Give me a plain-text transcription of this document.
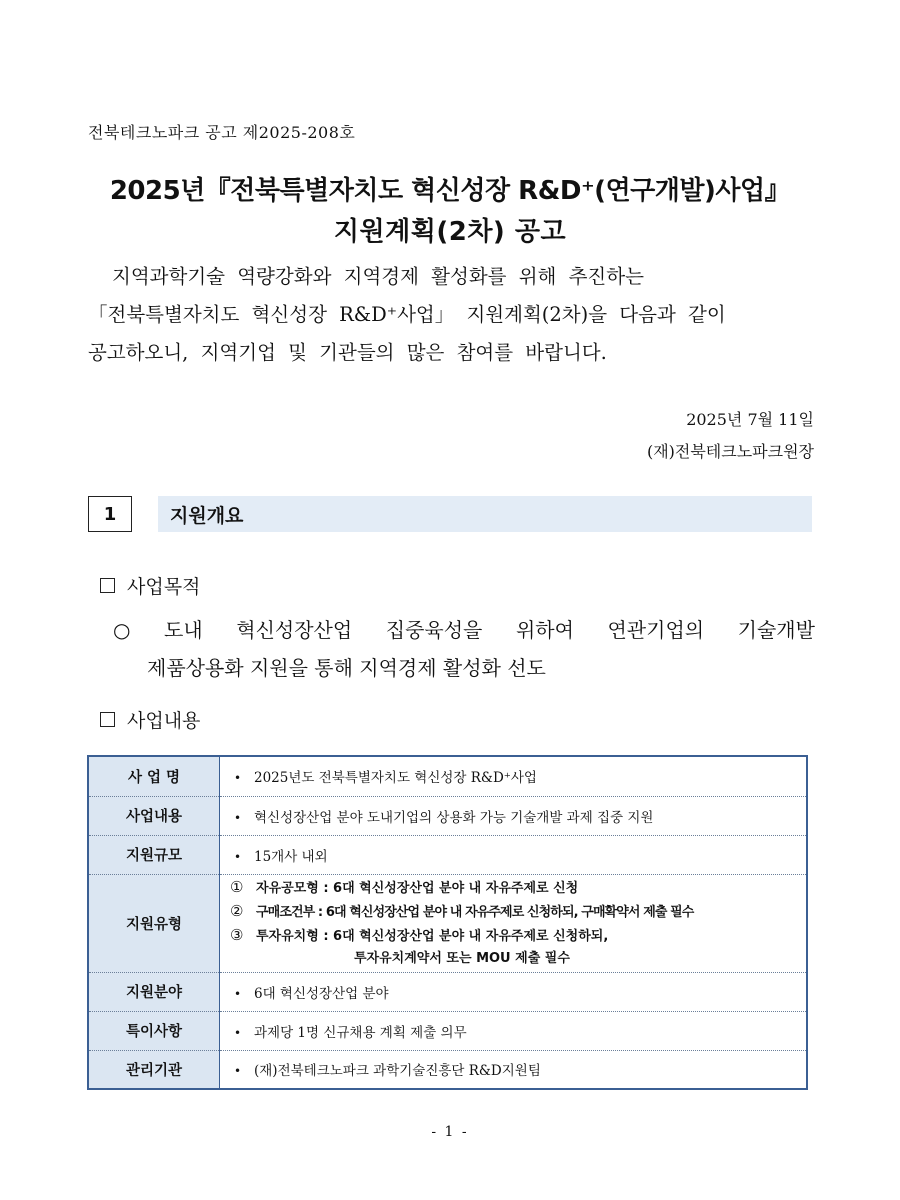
전북테크노파크 공고 제2025-208호
2025년『전북특별자치도 혁신성장 R&D⁺(연구개발)사업』
지원계획(2차) 공고
지역과학기술 역량강화와 지역경제 활성화를 위해 추진하는
「전북특별자치도 혁신성장 R&D⁺사업」 지원계획(2차)을 다음과 같이
공고하오니, 지역기업 및 기관들의 많은 참여를 바랍니다.
2025년 7월 11일
(재)전북테크노파크원장
1	지원개요
사업목적
○ 도내 혁신성장산업 집중육성을 위하여 연관기업의 기술개발
제품상용화 지원을 통해 지역경제 활성화 선도
사업내용
사 업 명	• 2025년도 전북특별자치도 혁신성장 R&D⁺사업
사업내용	• 혁신성장산업 분야 도내기업의 상용화 가능 기술개발 과제 집중 지원
지원규모	• 15개사 내외
지원유형	① 자유공모형 : 6대 혁신성장산업 분야 내 자유주제로 신청
② 구매조건부 : 6대 혁신성장산업 분야 내 자유주제로 신청하되, 구매확약서 제출 필수
③ 투자유치형 : 6대 혁신성장산업 분야 내 자유주제로 신청하되,
투자유치계약서 또는 MOU 제출 필수

지원분야	• 6대 혁신성장산업 분야
특이사항	• 과제당 1명 신규채용 계획 제출 의무
관리기관	• (재)전북테크노파크 과학기술진흥단 R&D지원팀
- 1 -
